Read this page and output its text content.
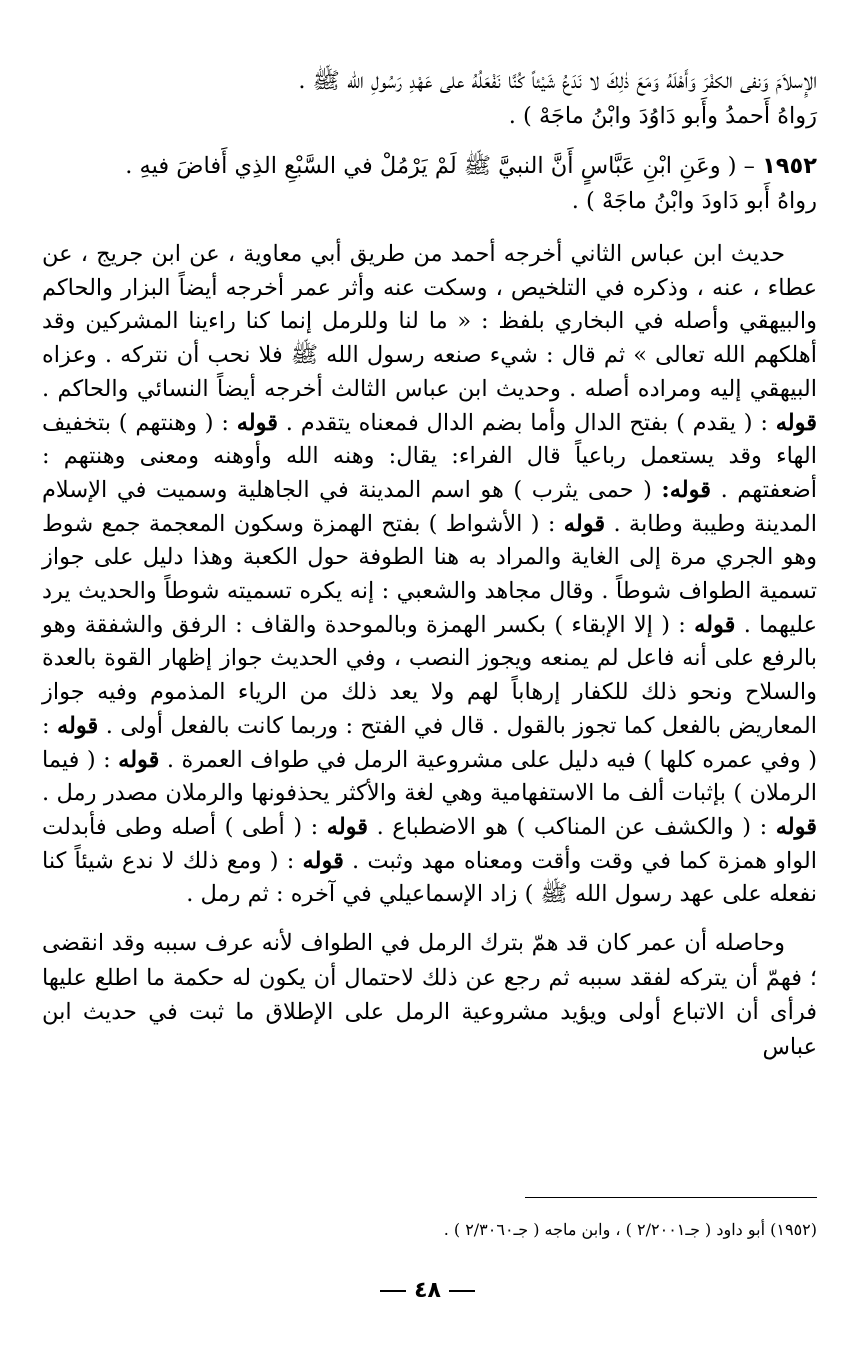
الإِسلاَمَ وَنفى الكفْرَ وَأَهْلَهُ وَمَعَ ذٰلِكَ لا نَدَعُ شَيْئاً كُنَّا نَفْعَلُهُ على عَهْدِ رَسُولِ الله ﷺ .

رَواهُ أَحمدُ وأَبو دَاوُدَ وابْنُ ماجَهْ ) .

١٩٥٢ – ( وعَنِ ابْنِ عَبَّاسٍ أَنَّ النبيَّ ﷺ لَمْ يَرْمُلْ في السَّبْعِ الذِي أَفاضَ فيهِ .

رواهُ أَبو دَاودَ وابْنُ ماجَهْ ) .

حديث ابن عباس الثاني أخرجه أحمد من طريق أبي معاوية ، عن ابن جريج ، عن عطاء ، عنه ، وذكره في التلخيص ، وسكت عنه وأثر عمر أخرجه أيضاً البزار والحاكم والبيهقي وأصله في البخاري بلفظ : « ما لنا وللرمل إنما كنا راءينا المشركين وقد أهلكهم الله تعالى » ثم قال : شيء صنعه رسول الله ﷺ فلا نحب أن نتركه . وعزاه البيهقي إليه ومراده أصله . وحديث ابن عباس الثالث أخرجه أيضاً النسائي والحاكم . قوله : ( يقدم ) بفتح الدال وأما بضم الدال فمعناه يتقدم . قوله : ( وهنتهم ) بتخفيف الهاء وقد يستعمل رباعياً قال الفراء: يقال: وهنه الله وأوهنه ومعنى وهنتهم : أضعفتهم . قوله: ( حمى يثرب ) هو اسم المدينة في الجاهلية وسميت في الإسلام المدينة وطيبة وطابة . قوله : ( الأشواط ) بفتح الهمزة وسكون المعجمة جمع شوط وهو الجري مرة إلى الغاية والمراد به هنا الطوفة حول الكعبة وهذا دليل على جواز تسمية الطواف شوطاً . وقال مجاهد والشعبي : إنه يكره تسميته شوطاً والحديث يرد عليهما . قوله : ( إلا الإبقاء ) بكسر الهمزة وبالموحدة والقاف : الرفق والشفقة وهو بالرفع على أنه فاعل لم يمنعه ويجوز النصب ، وفي الحديث جواز إظهار القوة بالعدة والسلاح ونحو ذلك للكفار إرهاباً لهم ولا يعد ذلك من الرياء المذموم وفيه جواز المعاريض بالفعل كما تجوز بالقول . قال في الفتح : وربما كانت بالفعل أولى . قوله : ( وفي عمره كلها ) فيه دليل على مشروعية الرمل في طواف العمرة . قوله : ( فيما الرملان ) بإثبات ألف ما الاستفهامية وهي لغة والأكثر يحذفونها والرملان مصدر رمل . قوله : ( والكشف عن المناكب ) هو الاضطباع . قوله : ( أطى ) أصله وطى فأبدلت الواو همزة كما في وقت وأقت ومعناه مهد وثبت . قوله : ( ومع ذلك لا ندع شيئاً كنا نفعله على عهد رسول الله ﷺ ) زاد الإسماعيلي في آخره : ثم رمل .

وحاصله أن عمر كان قد همّ بترك الرمل في الطواف لأنه عرف سببه وقد انقضى ؛ فهمّ أن يتركه لفقد سببه ثم رجع عن ذلك لاحتمال أن يكون له حكمة ما اطلع عليها فرأى أن الاتباع أولى ويؤيد مشروعية الرمل على الإطلاق ما ثبت في حديث ابن عباس

(١٩٥٢) أبو داود ( جـ٢/٢٠٠١ ) ، وابن ماجه ( جـ٢/٣٠٦٠ ) .
٤٨
